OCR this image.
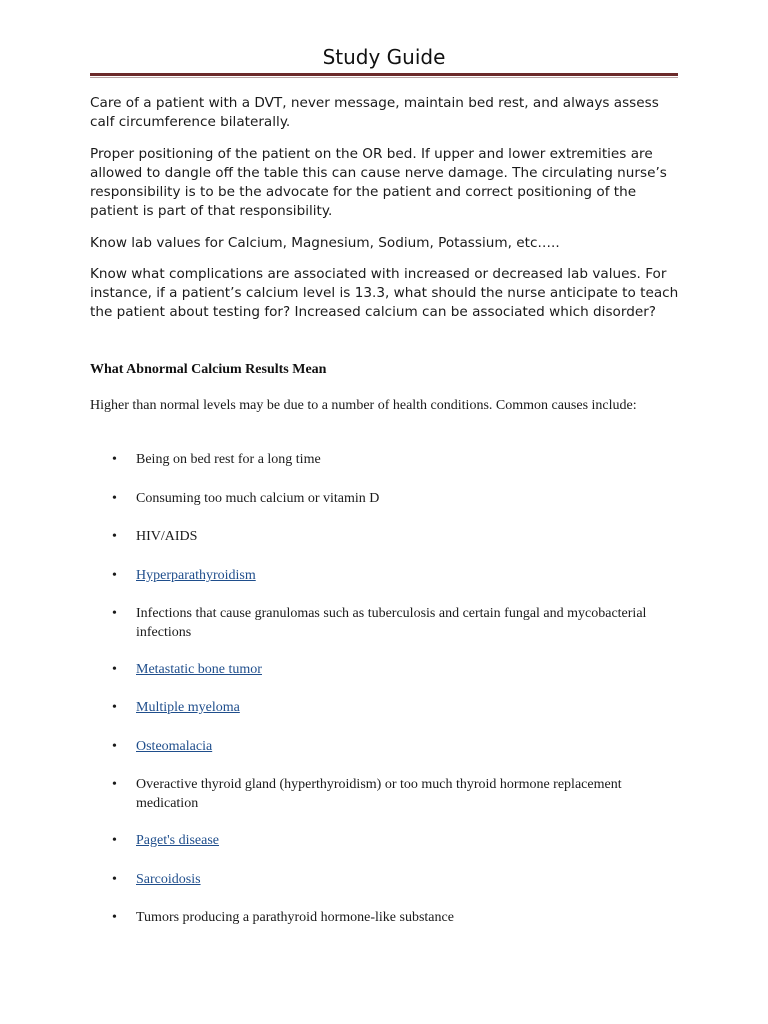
Study Guide

Care of a patient with a DVT, never message, maintain bed rest, and always assess calf circumference bilaterally.

Proper positioning of the patient on the OR bed. If upper and lower extremities are allowed to dangle off the table this can cause nerve damage. The circulating nurse’s responsibility is to be the advocate for the patient and correct positioning of the patient is part of that responsibility.

Know lab values for Calcium, Magnesium, Sodium, Potassium, etc…..

Know what complications are associated with increased or decreased lab values. For instance, if a patient’s calcium level is 13.3, what should the nurse anticipate to teach the patient about testing for? Increased calcium can be associated which disorder?

What Abnormal Calcium Results Mean

Higher than normal levels may be due to a number of health conditions. Common causes include:

•	Being on bed rest for a long time
•	Consuming too much calcium or vitamin D
•	HIV/AIDS
•	Hyperparathyroidism
•	Infections that cause granulomas such as tuberculosis and certain fungal and mycobacterial infections
•	Metastatic bone tumor
•	Multiple myeloma
•	Osteomalacia
•	Overactive thyroid gland (hyperthyroidism) or too much thyroid hormone replacement medication
•	Paget's disease
•	Sarcoidosis
•	Tumors producing a parathyroid hormone-like substance
